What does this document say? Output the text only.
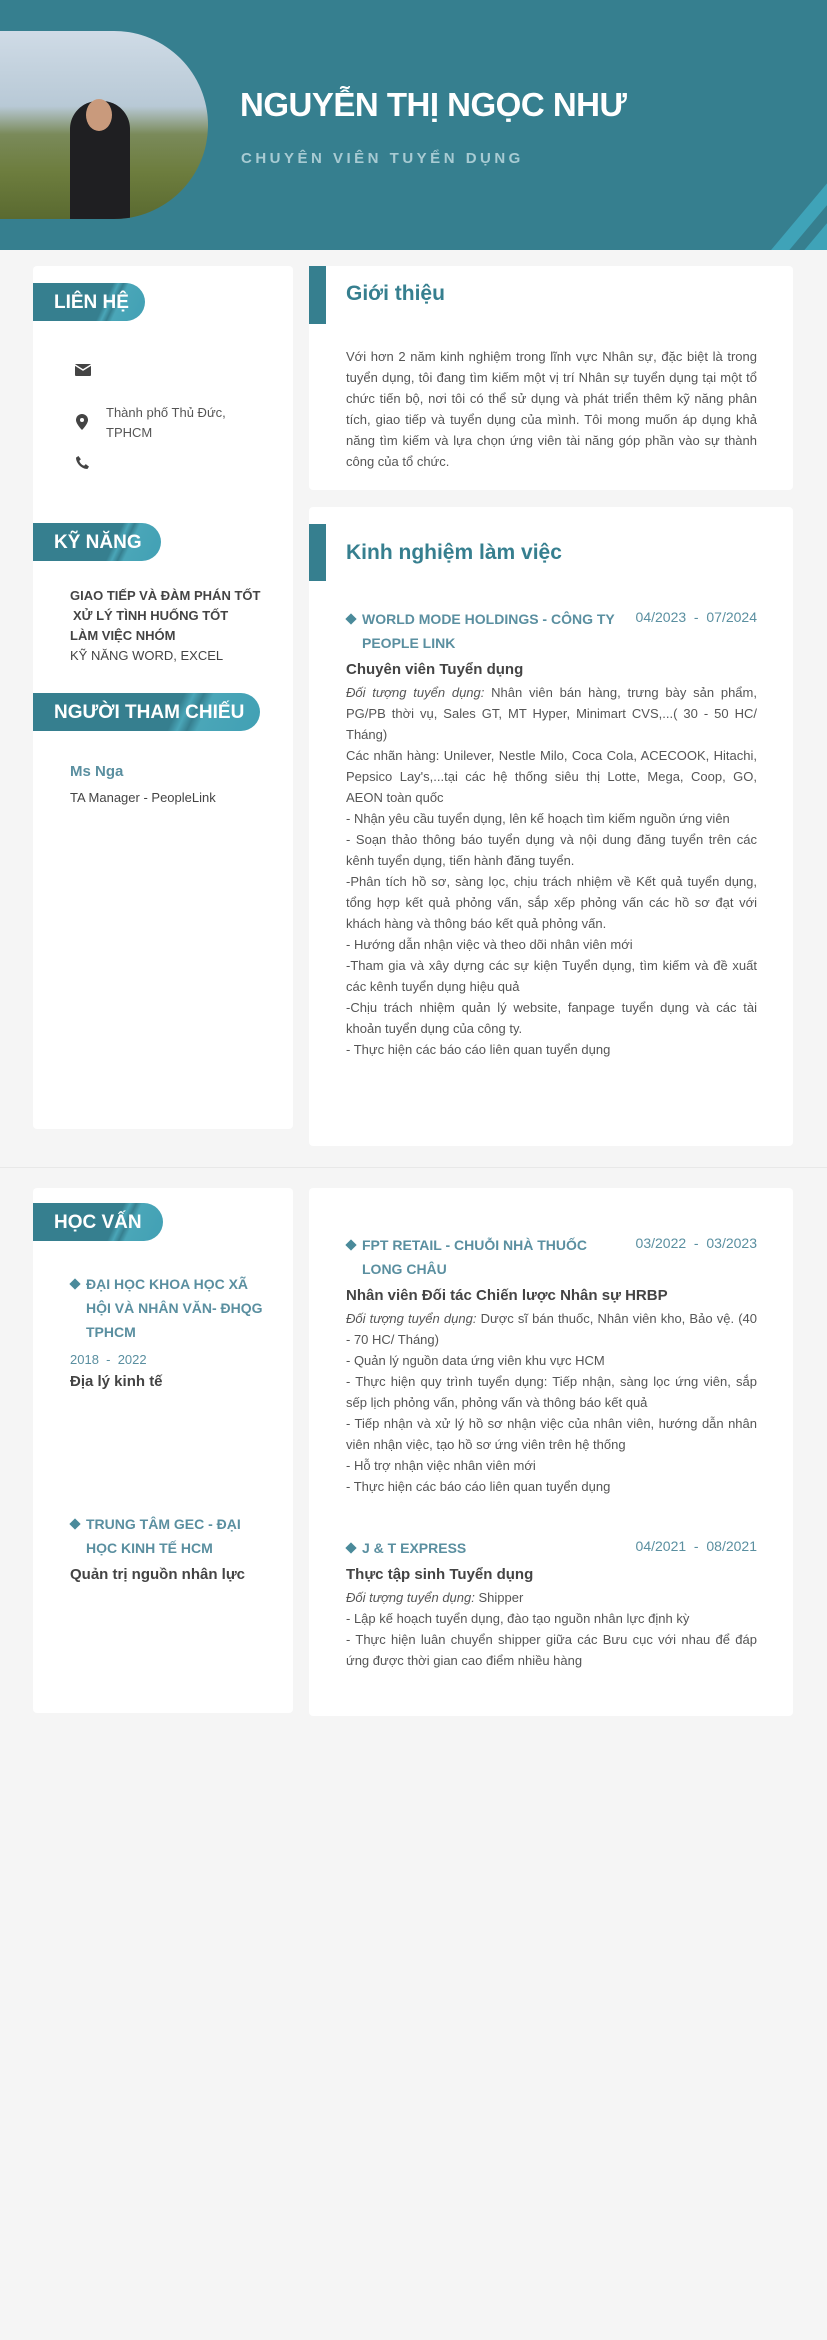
NGUYỄN THỊ NGỌC NHƯ
CHUYÊN VIÊN TUYỂN DỤNG
LIÊN HỆ
Thành phố Thủ Đức,
TPHCM
KỸ NĂNG
GIAO TIẾP VÀ ĐÀM PHÁN TỐT
XỬ LÝ TÌNH HUỐNG TỐT
LÀM VIỆC NHÓM
KỸ NĂNG WORD, EXCEL
NGƯỜI THAM CHIẾU
Ms Nga
TA Manager - PeopleLink
Giới thiệu
Với hơn 2 năm kinh nghiệm trong lĩnh vực Nhân sự, đặc biệt là trong tuyển dụng, tôi đang tìm kiếm một vị trí Nhân sự tuyển dụng tại một tổ chức tiến bộ, nơi tôi có thể sử dụng và phát triển thêm kỹ năng phân tích, giao tiếp và tuyển dụng của mình. Tôi mong muốn áp dụng khả năng tìm kiếm và lựa chọn ứng viên tài năng góp phần vào sự thành công của tổ chức.
Kinh nghiệm làm việc
WORLD MODE HOLDINGS - CÔNG TY PEOPLE LINK
04/2023  -  07/2024
Chuyên viên Tuyển dụng
Đối tượng tuyển dụng: Nhân viên bán hàng, trưng bày sản phẩm, PG/PB thời vụ, Sales GT, MT Hyper, Minimart CVS,...( 30 - 50 HC/ Tháng)
Các nhãn hàng: Unilever, Nestle Milo, Coca Cola, ACECOOK, Hitachi, Pepsico Lay's,...tại các hệ thống siêu thị Lotte, Mega, Coop, GO, AEON toàn quốc
- Nhận yêu cầu tuyển dụng, lên kế hoạch tìm kiếm nguồn ứng viên
- Soạn thảo thông báo tuyển dụng và nội dung đăng tuyển trên các kênh tuyển dụng, tiến hành đăng tuyển.
-Phân tích hồ sơ, sàng lọc, chịu trách nhiệm về Kết quả tuyển dụng, tổng hợp kết quả phỏng vấn, sắp xếp phỏng vấn các hồ sơ đạt với khách hàng và thông báo kết quả phỏng vấn.
- Hướng dẫn nhận việc và theo dõi nhân viên mới
-Tham gia và xây dựng các sự kiện Tuyển dụng, tìm kiếm và đề xuất các kênh tuyển dụng hiệu quả
-Chịu trách nhiệm quản lý website, fanpage tuyển dụng và các tài khoản tuyển dụng của công ty.
- Thực hiện các báo cáo liên quan tuyển dụng
HỌC VẤN
ĐẠI HỌC KHOA HỌC XÃ HỘI VÀ NHÂN VĂN- ĐHQG TPHCM
2018  -  2022
Địa lý kinh tế
TRUNG TÂM GEC - ĐẠI HỌC KINH TẾ HCM
Quản trị nguồn nhân lực
FPT RETAIL - CHUỖI NHÀ THUỐC LONG CHÂU
03/2022  -  03/2023
Nhân viên Đối tác Chiến lược Nhân sự HRBP
Đối tượng tuyển dụng: Dược sĩ bán thuốc, Nhân viên kho, Bảo vệ. (40 - 70 HC/ Tháng)
- Quản lý nguồn data ứng viên khu vực HCM
- Thực hiện quy trình tuyển dụng: Tiếp nhận, sàng lọc ứng viên, sắp sếp lịch phỏng vấn, phỏng vấn và thông báo kết quả
- Tiếp nhận và xử lý hồ sơ nhận việc của nhân viên, hướng dẫn nhân viên nhận việc, tạo hồ sơ ứng viên trên hệ thống
- Hỗ trợ nhận việc nhân viên mới
- Thực hiện các báo cáo liên quan tuyển dụng
J & T EXPRESS	04/2021  -  08/2021
Thực tập sinh Tuyển dụng
Đối tượng tuyển dụng: Shipper
- Lập kế hoạch tuyển dụng, đào tạo nguồn nhân lực định kỳ
- Thực hiện luân chuyển shipper giữa các Bưu cục với nhau để đáp ứng được thời gian cao điểm nhiều hàng
